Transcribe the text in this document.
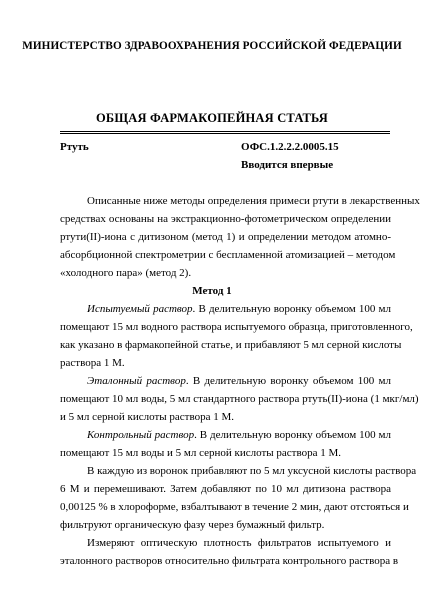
МИНИСТЕРСТВО ЗДРАВООХРАНЕНИЯ РОССИЙСКОЙ ФЕДЕРАЦИИ
ОБЩАЯ ФАРМАКОПЕЙНАЯ СТАТЬЯ
Ртуть	ОФС.1.2.2.2.0005.15
Вводится впервые
Описанные ниже методы определения примеси ртути в лекарственных
средствах основаны на экстракционно-фотометрическом определении
ртути(II)-иона с дитизоном (метод 1) и определении методом атомно-
абсорбционной спектрометрии с беспламенной атомизацией – методом
«холодного пара» (метод 2).
Метод 1
Испытуемый раствор. В делительную воронку объемом 100 мл
помещают 15 мл водного раствора испытуемого образца, приготовленного,
как указано в фармакопейной статье, и прибавляют 5 мл серной кислоты
раствора 1 М.
Эталонный раствор. В делительную воронку объемом 100 мл
помещают 10 мл воды, 5 мл стандартного раствора ртуть(II)-иона (1 мкг/мл)
и 5 мл серной кислоты раствора 1 М.
Контрольный раствор. В делительную воронку объемом 100 мл
помещают 15 мл воды и 5 мл серной кислоты раствора 1 М.
В каждую из воронок прибавляют по 5 мл уксусной кислоты раствора
6 М и перемешивают. Затем добавляют по 10 мл дитизона раствора
0,00125 % в хлороформе, взбалтывают в течение 2 мин, дают отстояться и
фильтруют органическую фазу через бумажный фильтр.
Измеряют оптическую плотность фильтратов испытуемого и
эталонного растворов относительно фильтрата контрольного раствора в
